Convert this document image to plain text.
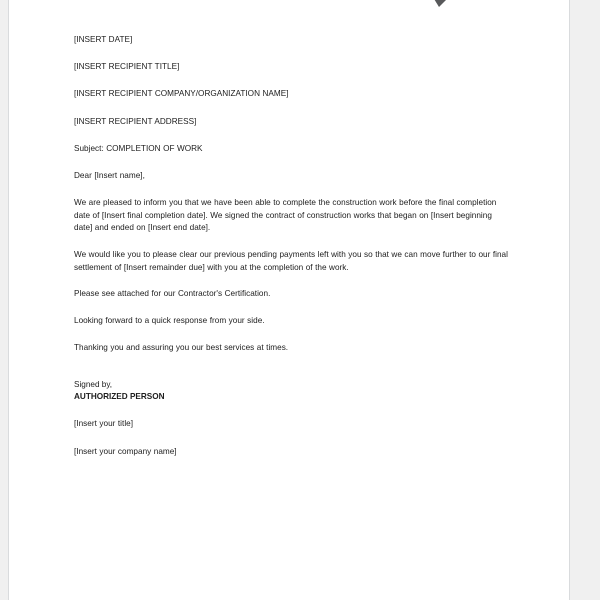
[INSERT DATE]

[INSERT RECIPIENT TITLE]

[INSERT RECIPIENT COMPANY/ORGANIZATION NAME]

[INSERT RECIPIENT ADDRESS]

Subject: COMPLETION OF WORK

Dear [Insert name],

We are pleased to inform you that we have been able to complete the construction work before the final completion date of [Insert final completion date]. We signed the contract of construction works that began on [Insert beginning date] and ended on [Insert end date].

We would like you to please clear our previous pending payments left with you so that we can move further to our final settlement of [Insert remainder due] with you at the completion of the work.

Please see attached for our Contractor's Certification.

Looking forward to a quick response from your side.

Thanking you and assuring you our best services at times.

Signed by,

AUTHORIZED PERSON

[Insert your title]

[Insert your company name]
